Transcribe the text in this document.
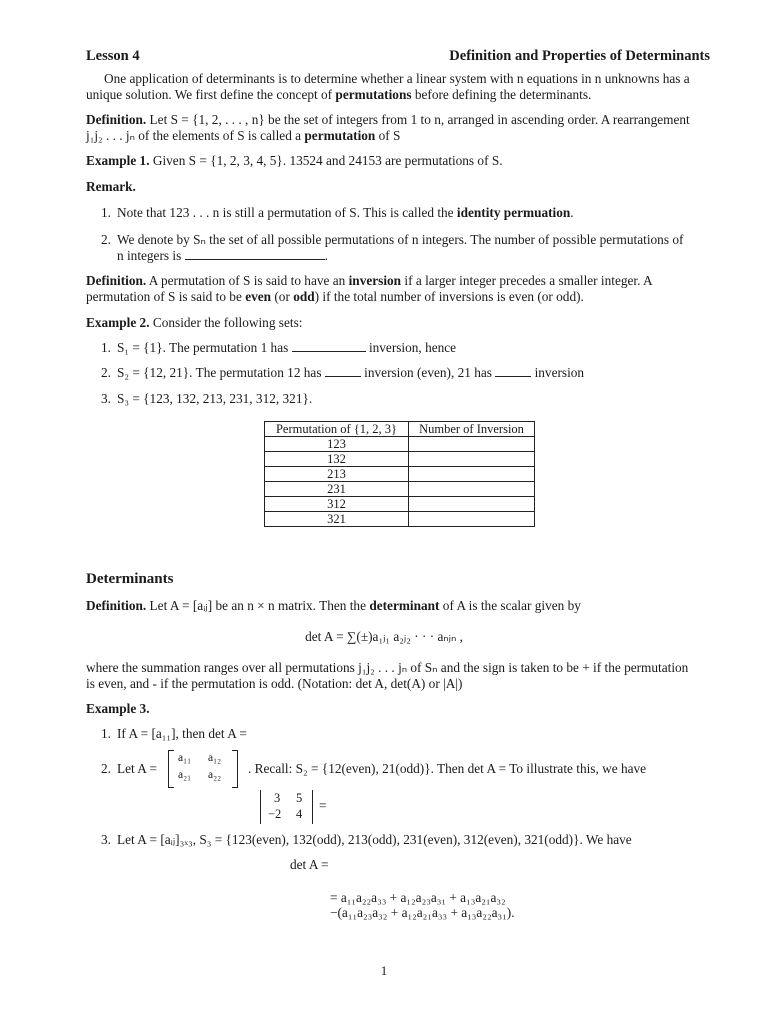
Lesson 4	Definition and Properties of Determinants
One application of determinants is to determine whether a linear system with n equations in n unknowns has a
unique solution. We first define the concept of permutations before defining the determinants.
Definition. Let S = {1, 2, . . . , n} be the set of integers from 1 to n, arranged in ascending order. A rearrangement
j₁j₂ . . . jₙ of the elements of S is called a permutation of S
Example 1. Given S = {1, 2, 3, 4, 5}. 13524 and 24153 are permutations of S.
Remark.
1. Note that 123 . . . n is still a permutation of S. This is called the identity permuation.
2. We denote by Sₙ the set of all possible permutations of n integers. The number of possible permutations of
n integers is	.
Definition. A permutation of S is said to have an inversion if a larger integer precedes a smaller integer. A
permutation of S is said to be even (or odd) if the total number of inversions is even (or odd).
Example 2. Consider the following sets:
1. S₁ = {1}. The permutation 1 has	inversion, hence
2. S₂ = {12, 21}. The permutation 12 has	inversion (even), 21 has	inversion
3. S₃ = {123, 132, 213, 231, 312, 321}.
Permutation of {1, 2, 3}	Number of Inversion
123	
132	
213	
231	
312	
321	
Determinants
Definition. Let A = [aᵢⱼ] be an n × n matrix. Then the determinant of A is the scalar given by
det A = ∑(±)a₁ⱼ₁ a₂ⱼ₂ · · · aₙⱼₙ ,
where the summation ranges over all permutations j₁j₂ . . . jₙ of Sₙ and the sign is taken to be + if the permutation
is even, and - if the permutation is odd. (Notation: det A, det(A) or |A|)
Example 3.
1. If A = [a₁₁], then det A =
2. Let A =	. Recall: S₂ = {12(even), 21(odd)}. Then det A = To illustrate this, we have
a₁₁ a₁₂
a₂₁ a₂₂
3 5
−2 4
=
3. Let A = [aᵢⱼ]₃ₓ₃, S₃ = {123(even), 132(odd), 213(odd), 231(even), 312(even), 321(odd)}. We have
det A =
= a₁₁a₂₂a₃₃ + a₁₂a₂₃a₃₁ + a₁₃a₂₁a₃₂
−(a₁₁a₂₃a₃₂ + a₁₂a₂₁a₃₃ + a₁₃a₂₂a₃₁).
1
